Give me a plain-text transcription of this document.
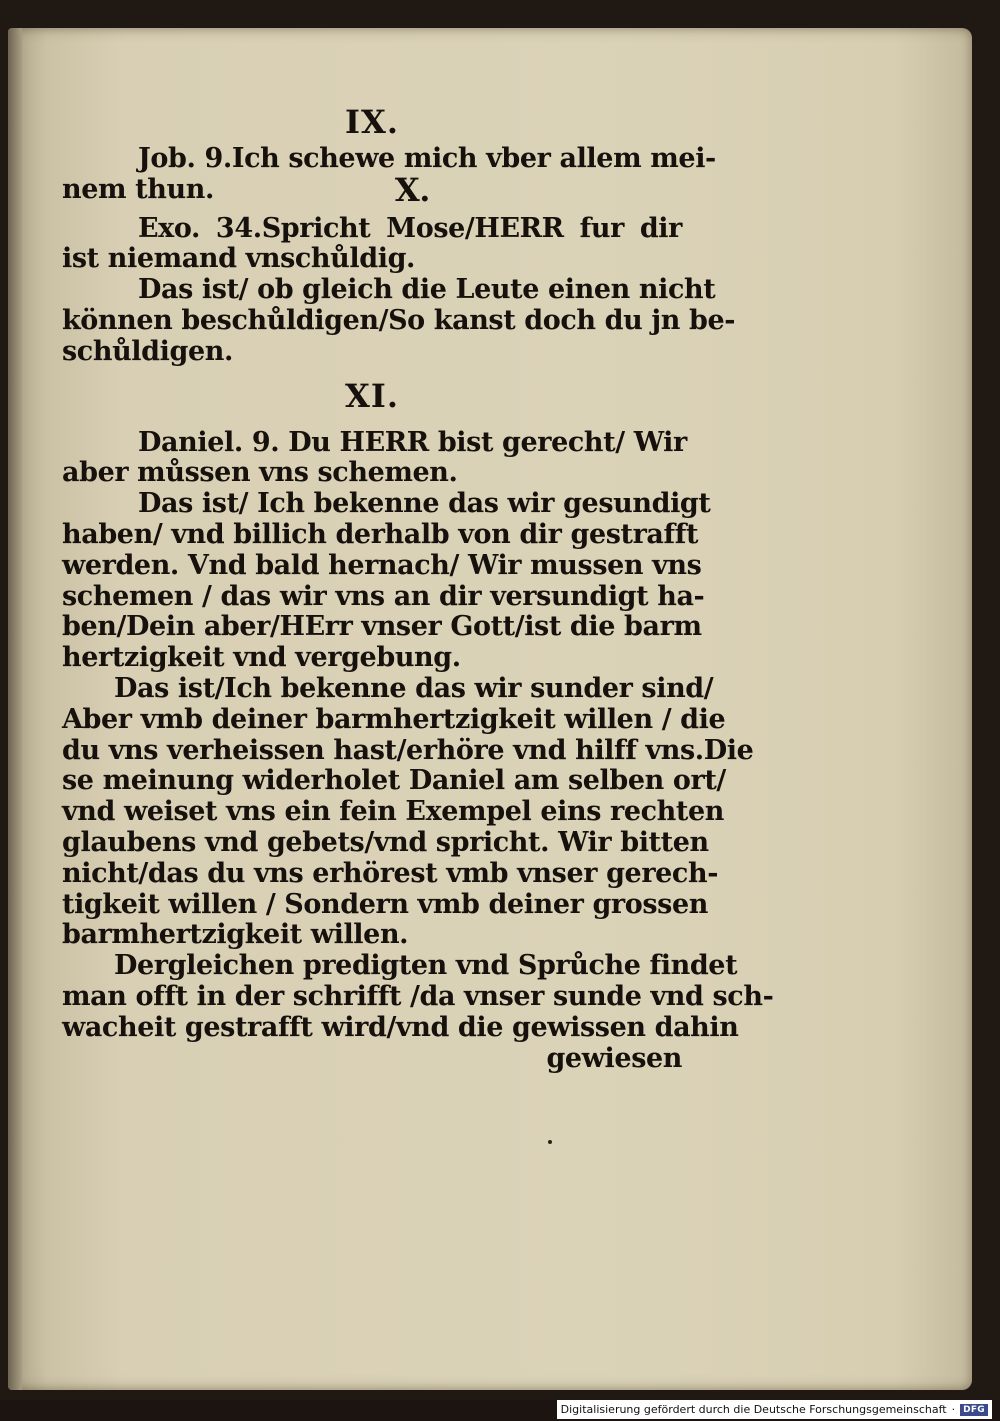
IX.
Job. 9.Ich schewe mich vber allem mei-
nem thun.	X.
Exo. 34.Spricht Mose/HERR fur dir
ist niemand vnschůldig.
Das ist/ ob gleich die Leute einen nicht
können beschůldigen/So kanst doch du jn be-
schůldigen.
XI.
Daniel. 9. Du HERR bist gerecht/ Wir
aber můssen vns schemen.
Das ist/ Ich bekenne das wir gesundigt
haben/ vnd billich derhalb von dir gestrafft
werden. Vnd bald hernach/ Wir mussen vns
schemen / das wir vns an dir versundigt ha-
ben/Dein aber/HErr vnser Gott/ist die barm
hertzigkeit vnd vergebung.
Das ist/Ich bekenne das wir sunder sind/
Aber vmb deiner barmhertzigkeit willen / die
du vns verheissen hast/erhöre vnd hilff vns.Die
se meinung widerholet Daniel am selben ort/
vnd weiset vns ein fein Exempel eins rechten
glaubens vnd gebets/vnd spricht. Wir bitten
nicht/das du vns erhörest vmb vnser gerech-
tigkeit willen / Sondern vmb deiner grossen
barmhertzigkeit willen.
Dergleichen predigten vnd Sprůche findet
man offt in der schrifft /da vnser sunde vnd sch-
wacheit gestrafft wird/vnd die gewissen dahin
gewiesen
Digitalisierung gefördert durch die Deutsche Forschungsgemeinschaft · DFG
